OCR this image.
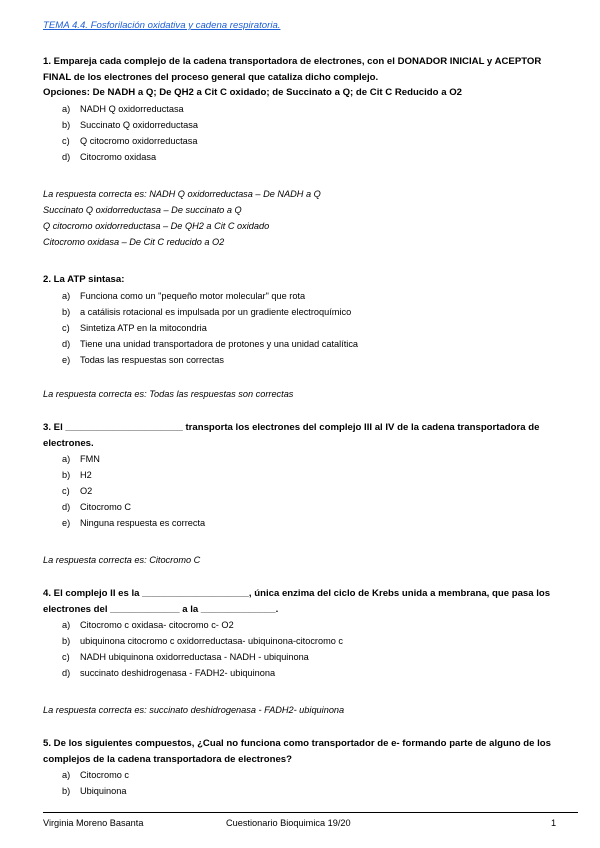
TEMA 4.4. Fosforilación oxidativa y cadena respiratoria.

1. Empareja cada complejo de la cadena transportadora de electrones, con el DONADOR INICIAL y ACEPTOR FINAL de los electrones del proceso general que cataliza dicho complejo.

Opciones: De NADH a Q; De QH2 a Cit C oxidado; de Succinato a Q; de Cit C Reducido a O2

a) NADH Q oxidorreductasa
b) Succinato Q oxidorreductasa
c) Q citocromo oxidorreductasa
d) Citocromo oxidasa

La respuesta correcta es: NADH Q oxidorreductasa – De NADH a Q

Succinato Q oxidorreductasa – De succinato a Q

Q citocromo oxidorreductasa – De QH2 a Cit C oxidado

Citocromo oxidasa – De Cit C reducido a O2

2. La ATP sintasa:

a) Funciona como un "pequeño motor molecular" que rota
b) a catálisis rotacional es impulsada por un gradiente electroquímico
c) Sintetiza ATP en la mitocondria
d) Tiene una unidad transportadora de protones y una unidad catalítica
e) Todas las respuestas son correctas

La respuesta correcta es: Todas las respuestas son correctas

3. El ______________________ transporta los electrones del complejo III al IV de la cadena transportadora de electrones.

a) FMN
b) H2
c) O2
d) Citocromo C
e) Ninguna respuesta es correcta

La respuesta correcta es: Citocromo C

4. El complejo II es la ____________________, única enzima del ciclo de Krebs unida a membrana, que pasa los electrones del _____________ a la ______________.

a) Citocromo c oxidasa- citocromo c- O2
b) ubiquinona citocromo c oxidorreductasa- ubiquinona-citocromo c
c) NADH ubiquinona oxidorreductasa - NADH - ubiquinona
d) succinato deshidrogenasa - FADH2- ubiquinona

La respuesta correcta es: succinato deshidrogenasa - FADH2- ubiquinona

5. De los siguientes compuestos, ¿Cual no funciona como transportador de e- formando parte de alguno de los complejos de la cadena transportadora de electrones?

a) Citocromo c
b) Ubiquinona
Virginia Moreno Basanta	Cuestionario Bioquimica 19/20	1
